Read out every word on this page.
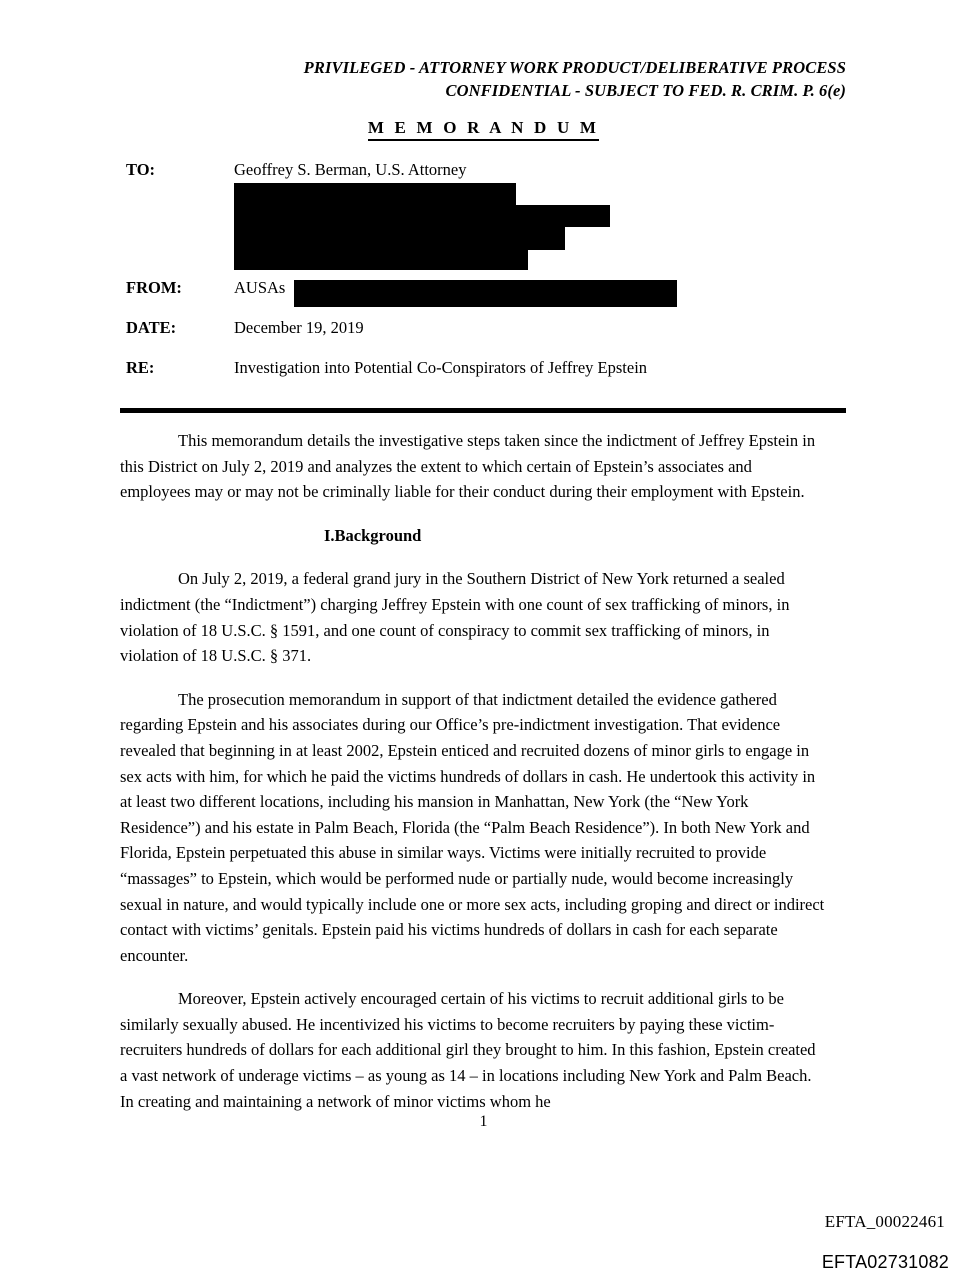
PRIVILEGED - ATTORNEY WORK PRODUCT/DELIBERATIVE PROCESS
CONFIDENTIAL - SUBJECT TO FED. R. CRIM. P. 6(e)
M E M O R A N D U M
TO:	Geoffrey S. Berman, U.S. Attorney
FROM:	AUSAs
DATE:	December 19, 2019
RE:	Investigation into Potential Co-Conspirators of Jeffrey Epstein

This memorandum details the investigative steps taken since the indictment of Jeffrey Epstein in this District on July 2, 2019 and analyzes the extent to which certain of Epstein’s associates and employees may or may not be criminally liable for their conduct during their employment with Epstein.

I.Background

On July 2, 2019, a federal grand jury in the Southern District of New York returned a sealed indictment (the “Indictment”) charging Jeffrey Epstein with one count of sex trafficking of minors, in violation of 18 U.S.C. § 1591, and one count of conspiracy to commit sex trafficking of minors, in violation of 18 U.S.C. § 371.

The prosecution memorandum in support of that indictment detailed the evidence gathered regarding Epstein and his associates during our Office’s pre-indictment investigation. That evidence revealed that beginning in at least 2002, Epstein enticed and recruited dozens of minor girls to engage in sex acts with him, for which he paid the victims hundreds of dollars in cash. He undertook this activity in at least two different locations, including his mansion in Manhattan, New York (the “New York Residence”) and his estate in Palm Beach, Florida (the “Palm Beach Residence”). In both New York and Florida, Epstein perpetuated this abuse in similar ways. Victims were initially recruited to provide “massages” to Epstein, which would be performed nude or partially nude, would become increasingly sexual in nature, and would typically include one or more sex acts, including groping and direct or indirect contact with victims’ genitals. Epstein paid his victims hundreds of dollars in cash for each separate encounter.

Moreover, Epstein actively encouraged certain of his victims to recruit additional girls to be similarly sexually abused. He incentivized his victims to become recruiters by paying these victim-recruiters hundreds of dollars for each additional girl they brought to him. In this fashion, Epstein created a vast network of underage victims – as young as 14 – in locations including New York and Palm Beach. In creating and maintaining a network of minor victims whom he

1
EFTA_00022461
EFTA02731082
